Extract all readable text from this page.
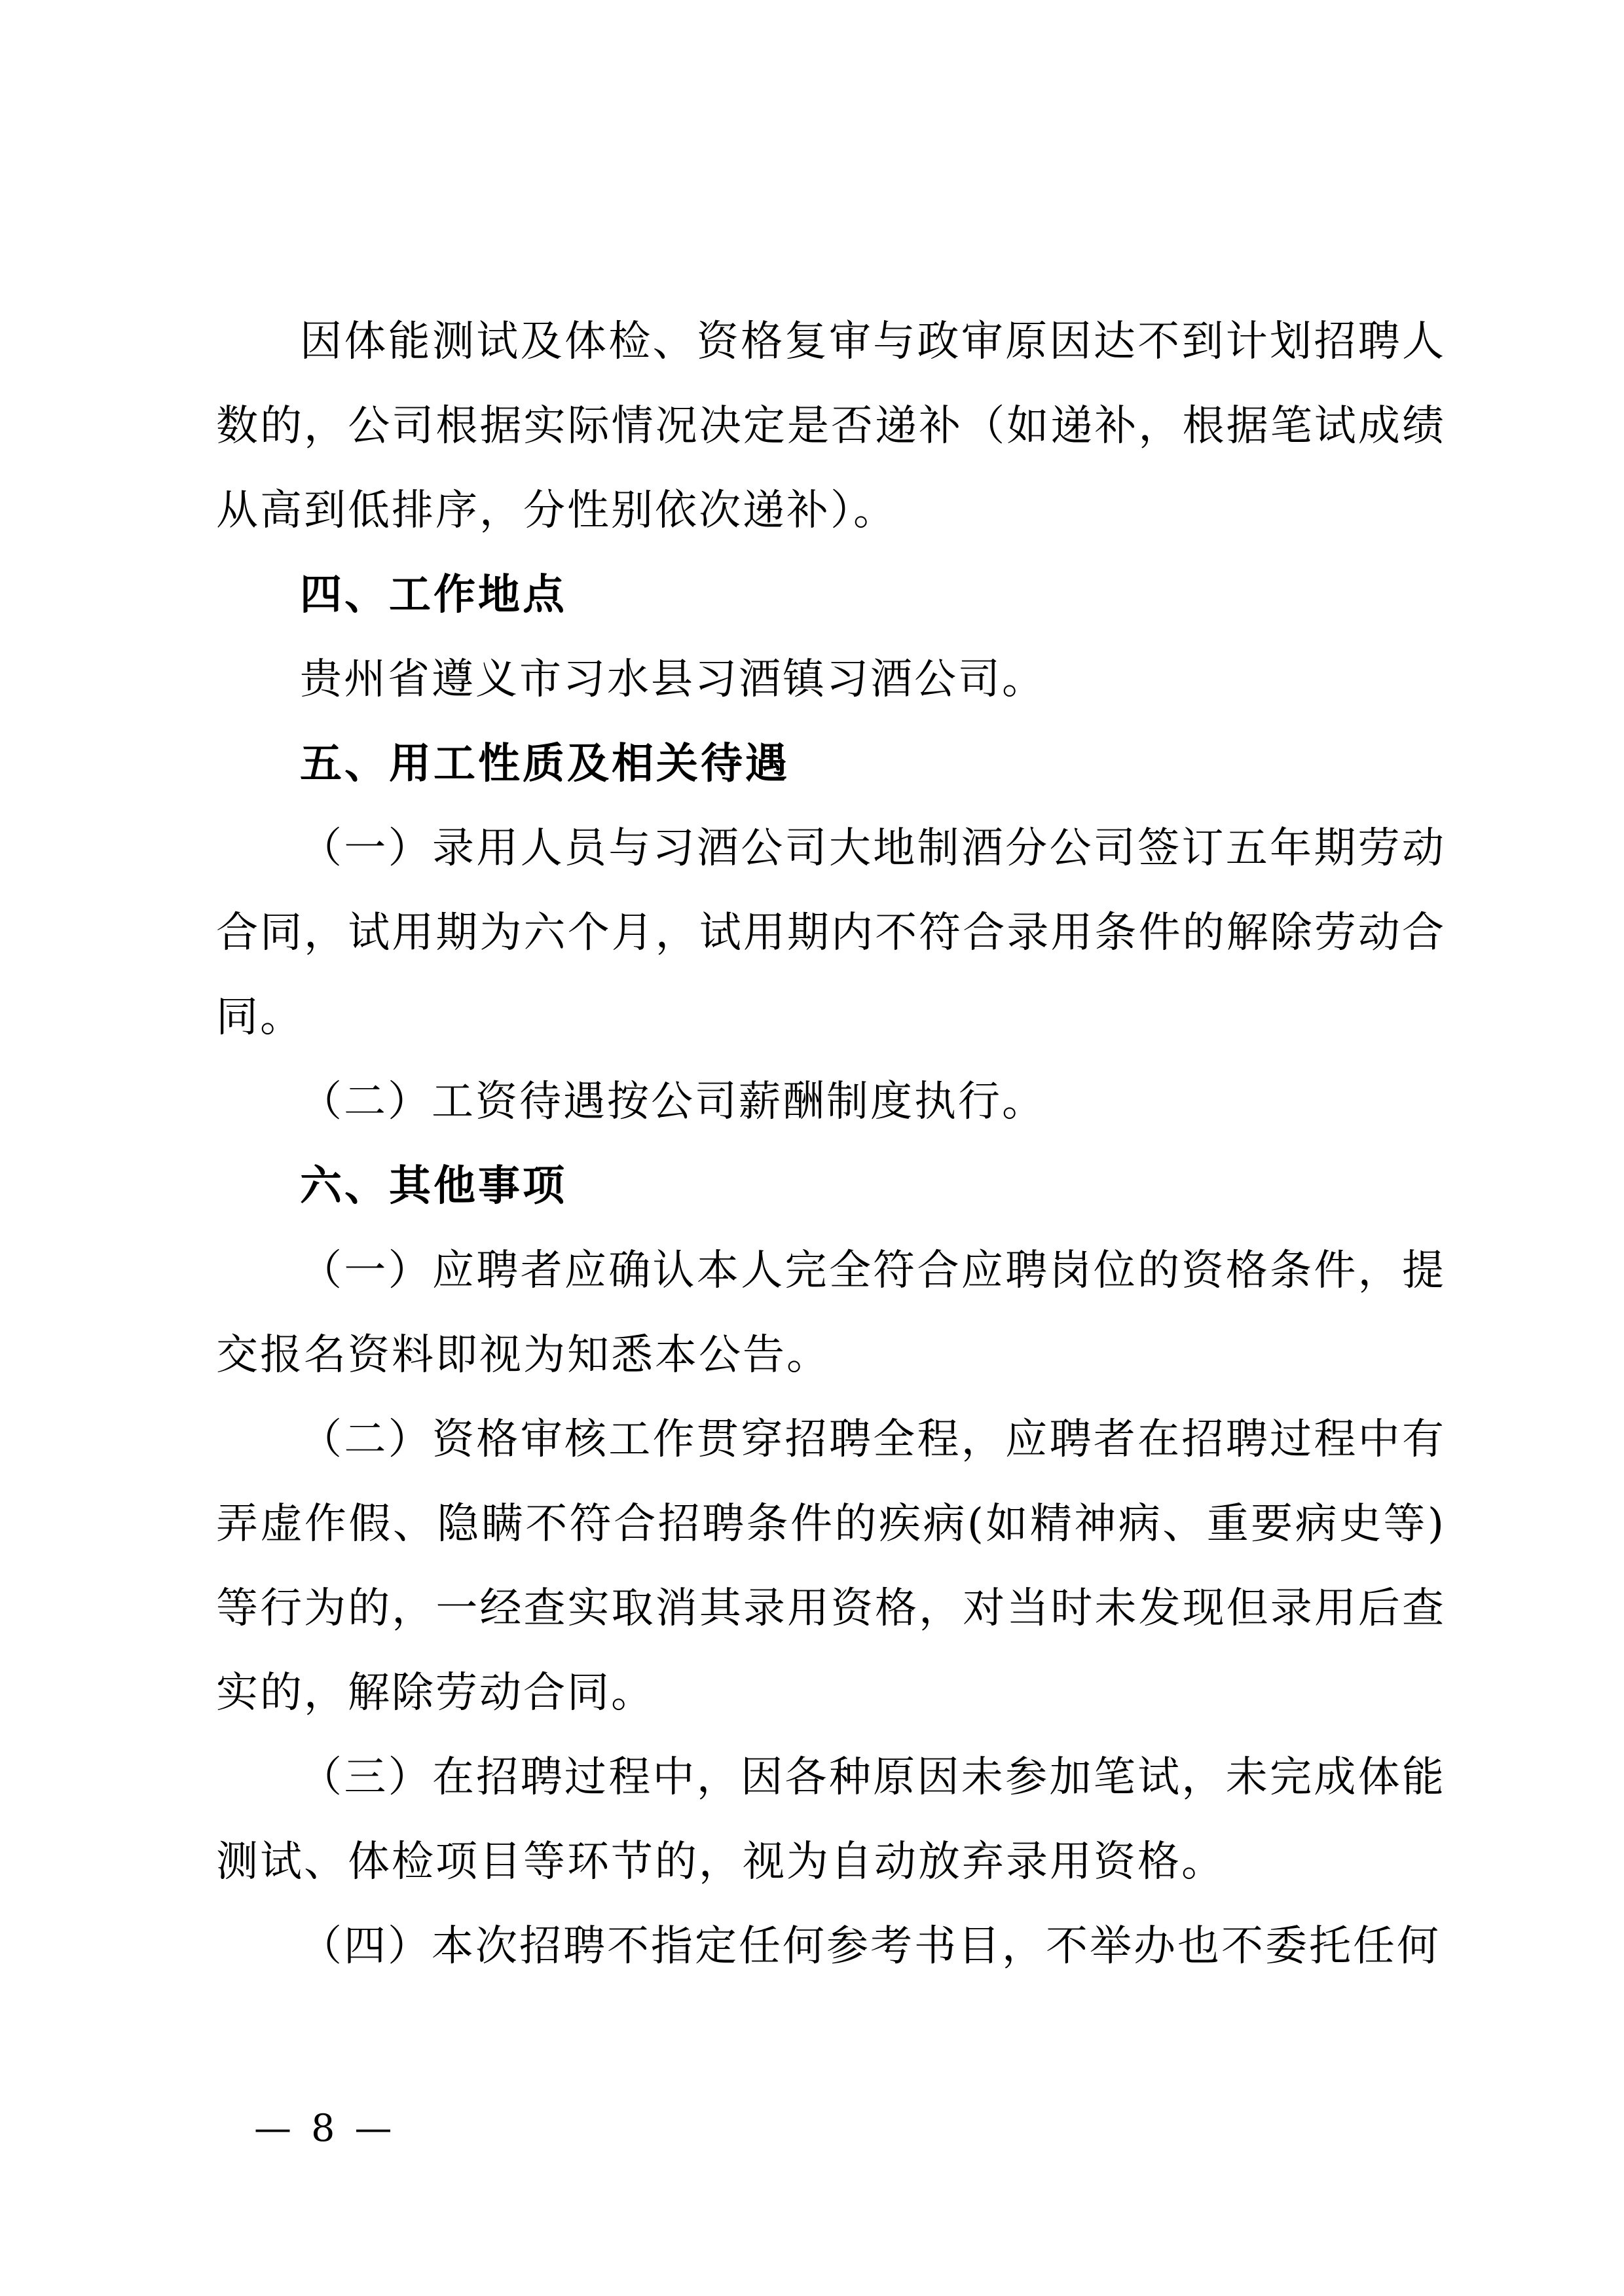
因体能测试及体检、资格复审与政审原因达不到计划招聘人数的，公司根据实际情况决定是否递补（如递补，根据笔试成绩从高到低排序，分性别依次递补）。

四、工作地点

贵州省遵义市习水县习酒镇习酒公司。

五、用工性质及相关待遇

（一）录用人员与习酒公司大地制酒分公司签订五年期劳动合同，试用期为六个月，试用期内不符合录用条件的解除劳动合同。

（二）工资待遇按公司薪酬制度执行。

六、其他事项

（一）应聘者应确认本人完全符合应聘岗位的资格条件，提交报名资料即视为知悉本公告。

（二）资格审核工作贯穿招聘全程，应聘者在招聘过程中有弄虚作假、隐瞒不符合招聘条件的疾病(如精神病、重要病史等)等行为的，一经查实取消其录用资格，对当时未发现但录用后查实的，解除劳动合同。

（三）在招聘过程中，因各种原因未参加笔试，未完成体能测试、体检项目等环节的，视为自动放弃录用资格。

（四）本次招聘不指定任何参考书目，不举办也不委托任何

— 8 —
